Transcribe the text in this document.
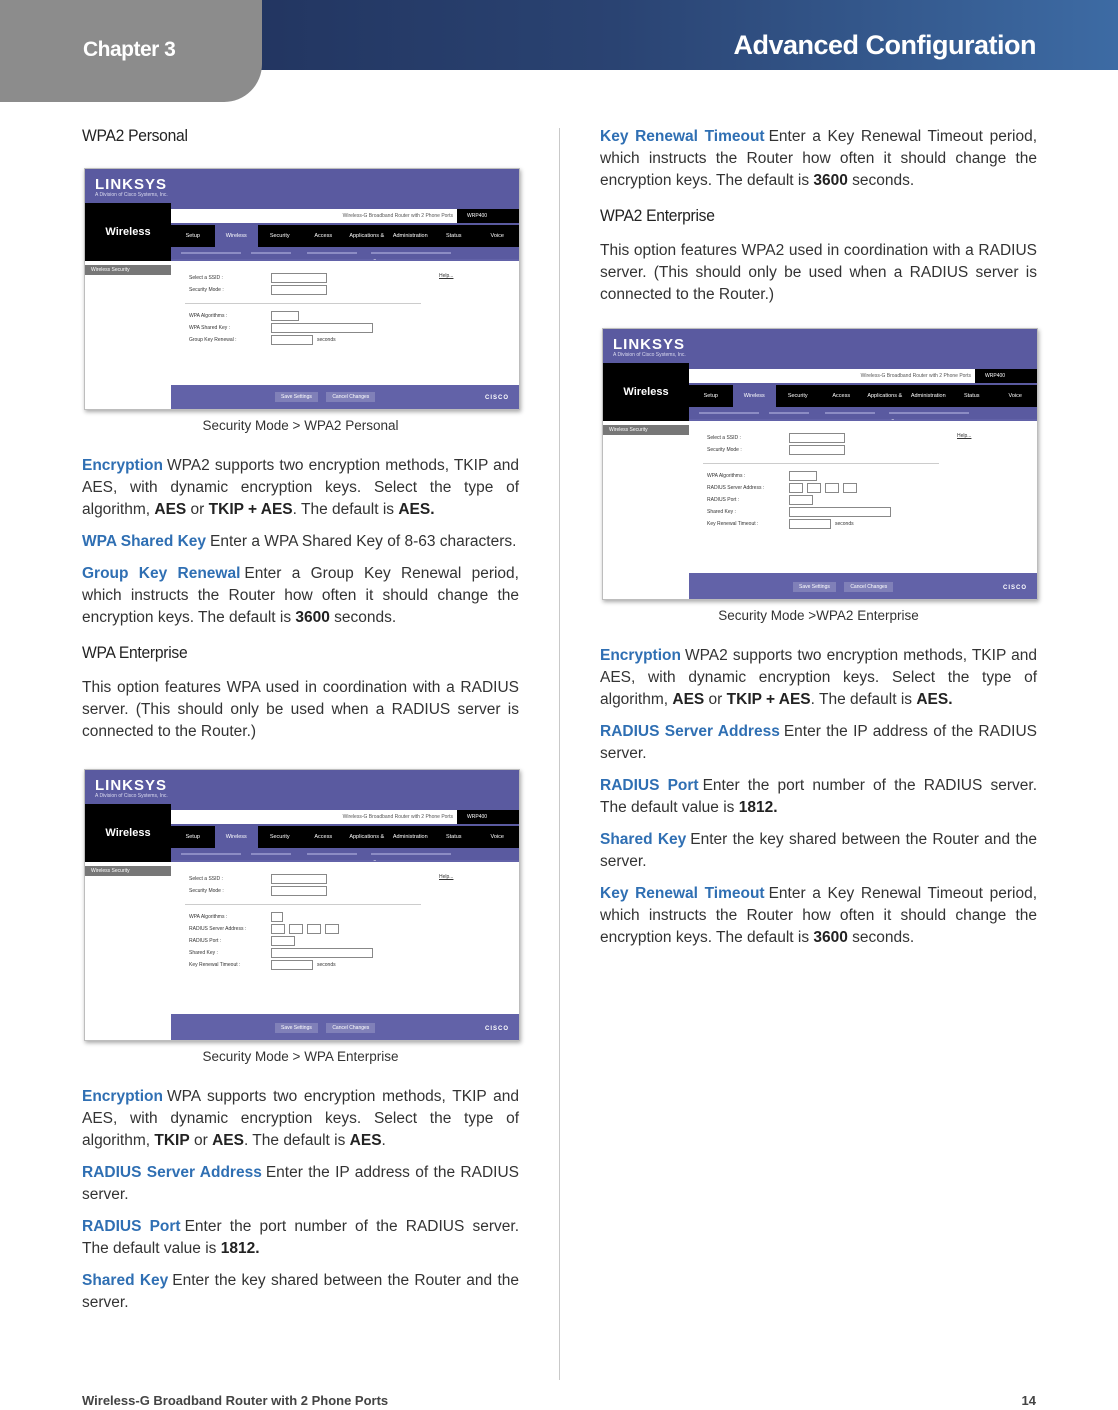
Chapter 3	Advanced Configuration
WPA2 Personal
LINKSYS
A Division of Cisco Systems, Inc.
Wireless
Wireless Security
Wireless-G Broadband Router with 2 Phone Ports	WRP400
Setup	Wireless	Security	Access	Applications &	Administration	Status	Voice
Select a SSID :
Security Mode :
WPA Algorithms :
WPA Shared Key :
Group Key Renewal :	seconds
Help...
Save Settings	Cancel Changes	CISCO
Security Mode > WPA2 Personal

Encryption WPA2 supports two encryption methods, TKIP and AES, with dynamic encryption keys. Select the type of algorithm, AES or TKIP + AES. The default is AES.

WPA Shared Key Enter a WPA Shared Key of 8-63 characters.

Group Key Renewal Enter a Group Key Renewal period, which instructs the Router how often it should change the encryption keys. The default is 3600 seconds.

WPA Enterprise

This option features WPA used in coordination with a RADIUS server. (This should only be used when a RADIUS server is connected to the Router.)

LINKSYS
A Division of Cisco Systems, Inc.
Wireless
Wireless Security
Wireless-G Broadband Router with 2 Phone Ports	WRP400
Setup	Wireless	Security	Access	Applications &	Administration	Status	Voice
Select a SSID :
Security Mode :
WPA Algorithms :
RADIUS Server Address :
RADIUS Port :
Shared Key :
Key Renewal Timeout :	seconds
Help...
Save Settings	Cancel Changes	CISCO
Security Mode > WPA Enterprise

Encryption WPA supports two encryption methods, TKIP and AES, with dynamic encryption keys. Select the type of algorithm, TKIP or AES. The default is AES.

RADIUS Server Address Enter the IP address of the RADIUS server.

RADIUS Port Enter the port number of the RADIUS server. The default value is 1812.

Shared Key Enter the key shared between the Router and the server.

Key Renewal Timeout Enter a Key Renewal Timeout period, which instructs the Router how often it should change the encryption keys. The default is 3600 seconds.

WPA2 Enterprise

This option features WPA2 used in coordination with a RADIUS server. (This should only be used when a RADIUS server is connected to the Router.)

LINKSYS
A Division of Cisco Systems, Inc.
Wireless
Wireless Security
Wireless-G Broadband Router with 2 Phone Ports	WRP400
Setup	Wireless	Security	Access	Applications &	Administration	Status	Voice
Select a SSID :
Security Mode :
WPA Algorithms :
RADIUS Server Address :
RADIUS Port :
Shared Key :
Key Renewal Timeout :	seconds
Help...
Save Settings	Cancel Changes	CISCO
Security Mode >WPA2 Enterprise

Encryption WPA2 supports two encryption methods, TKIP and AES, with dynamic encryption keys. Select the type of algorithm, AES or TKIP + AES. The default is AES.

RADIUS Server Address Enter the IP address of the RADIUS server.

RADIUS Port Enter the port number of the RADIUS server. The default value is 1812.

Shared Key Enter the key shared between the Router and the server.

Key Renewal Timeout Enter a Key Renewal Timeout period, which instructs the Router how often it should change the encryption keys. The default is 3600 seconds.

Wireless-G Broadband Router with 2 Phone Ports	14
